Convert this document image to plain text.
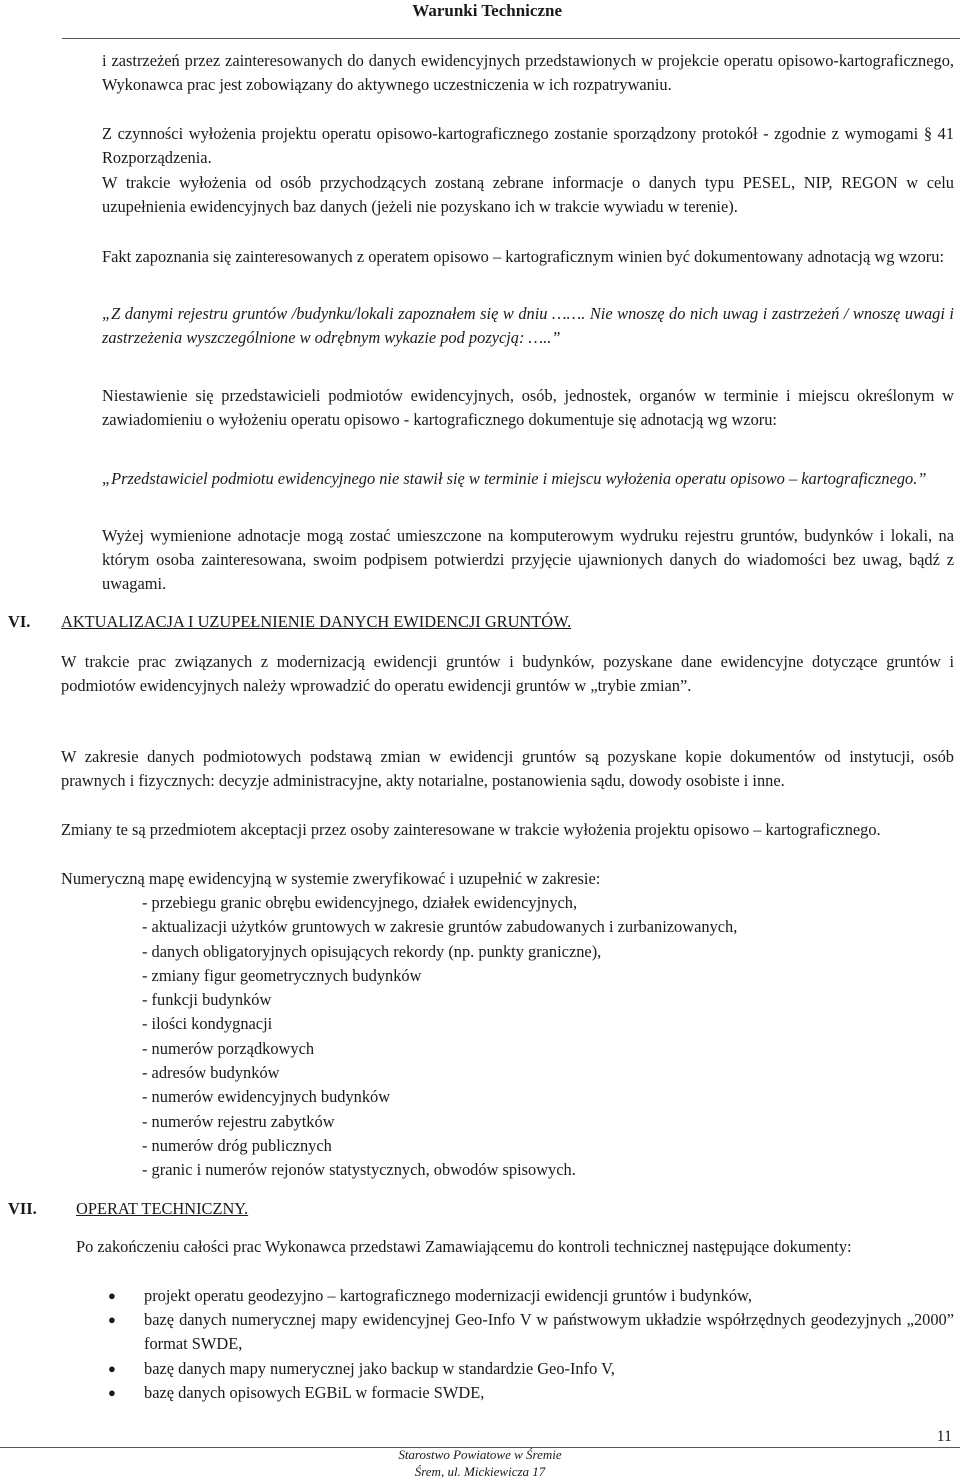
Warunki Techniczne
i zastrzeżeń przez zainteresowanych do danych ewidencyjnych przedstawionych w projekcie operatu opisowo-kartograficznego, Wykonawca prac jest zobowiązany do aktywnego uczestniczenia w ich rozpatrywaniu.
Z czynności wyłożenia projektu operatu opisowo-kartograficznego zostanie sporządzony protokół - zgodnie z wymogami § 41 Rozporządzenia.
W trakcie wyłożenia od osób przychodzących zostaną zebrane informacje o danych typu PESEL, NIP, REGON w celu uzupełnienia ewidencyjnych baz danych (jeżeli nie pozyskano ich w trakcie wywiadu w terenie).
Fakt zapoznania się zainteresowanych z operatem opisowo – kartograficznym winien być dokumentowany adnotacją wg wzoru:
„Z danymi rejestru gruntów /budynku/lokali zapoznałem się w dniu ……. Nie wnoszę do nich uwag i zastrzeżeń / wnoszę uwagi i zastrzeżenia wyszczególnione w odrębnym wykazie pod pozycją: …..”
Niestawienie się przedstawicieli podmiotów ewidencyjnych, osób, jednostek, organów w terminie i miejscu określonym w zawiadomieniu o wyłożeniu operatu opisowo - kartograficznego dokumentuje się adnotacją wg wzoru:
„Przedstawiciel podmiotu ewidencyjnego nie stawił się w terminie i miejscu wyłożenia operatu opisowo – kartograficznego.”
Wyżej wymienione adnotacje mogą zostać umieszczone na komputerowym wydruku rejestru gruntów, budynków i lokali, na którym osoba zainteresowana, swoim podpisem potwierdzi przyjęcie ujawnionych danych do wiadomości bez uwag, bądź z uwagami.
VI. AKTUALIZACJA I UZUPEŁNIENIE DANYCH EWIDENCJI GRUNTÓW.
W trakcie prac związanych z modernizacją ewidencji gruntów i budynków, pozyskane dane ewidencyjne dotyczące gruntów i podmiotów ewidencyjnych należy wprowadzić do operatu ewidencji gruntów w „trybie zmian”.
W zakresie danych podmiotowych podstawą zmian w ewidencji gruntów są pozyskane kopie dokumentów od instytucji, osób prawnych i fizycznych: decyzje administracyjne, akty notarialne, postanowienia sądu, dowody osobiste i inne.
Zmiany te są przedmiotem akceptacji przez osoby zainteresowane w trakcie wyłożenia projektu opisowo – kartograficznego.
Numeryczną mapę ewidencyjną w systemie zweryfikować i uzupełnić w zakresie:
- przebiegu granic obrębu ewidencyjnego, działek ewidencyjnych,
- aktualizacji użytków gruntowych w zakresie gruntów zabudowanych i zurbanizowanych,
- danych obligatoryjnych opisujących rekordy (np. punkty graniczne),
- zmiany figur geometrycznych budynków
- funkcji budynków
- ilości kondygnacji
- numerów porządkowych
- adresów budynków
- numerów ewidencyjnych budynków
- numerów rejestru zabytków
- numerów dróg publicznych
- granic i numerów rejonów statystycznych, obwodów spisowych.
VII. OPERAT TECHNICZNY.
Po zakończeniu całości prac Wykonawca przedstawi Zamawiającemu do kontroli technicznej następujące dokumenty:
● projekt operatu geodezyjno – kartograficznego modernizacji ewidencji gruntów i budynków,
● bazę danych numerycznej mapy ewidencyjnej Geo-Info V w państwowym układzie współrzędnych geodezyjnych „2000” format SWDE,
● bazę danych mapy numerycznej jako backup w standardzie Geo-Info V,
● bazę danych opisowych EGBiL w formacie SWDE,
11
Starostwo Powiatowe w Śremie
Śrem, ul. Mickiewicza 17
